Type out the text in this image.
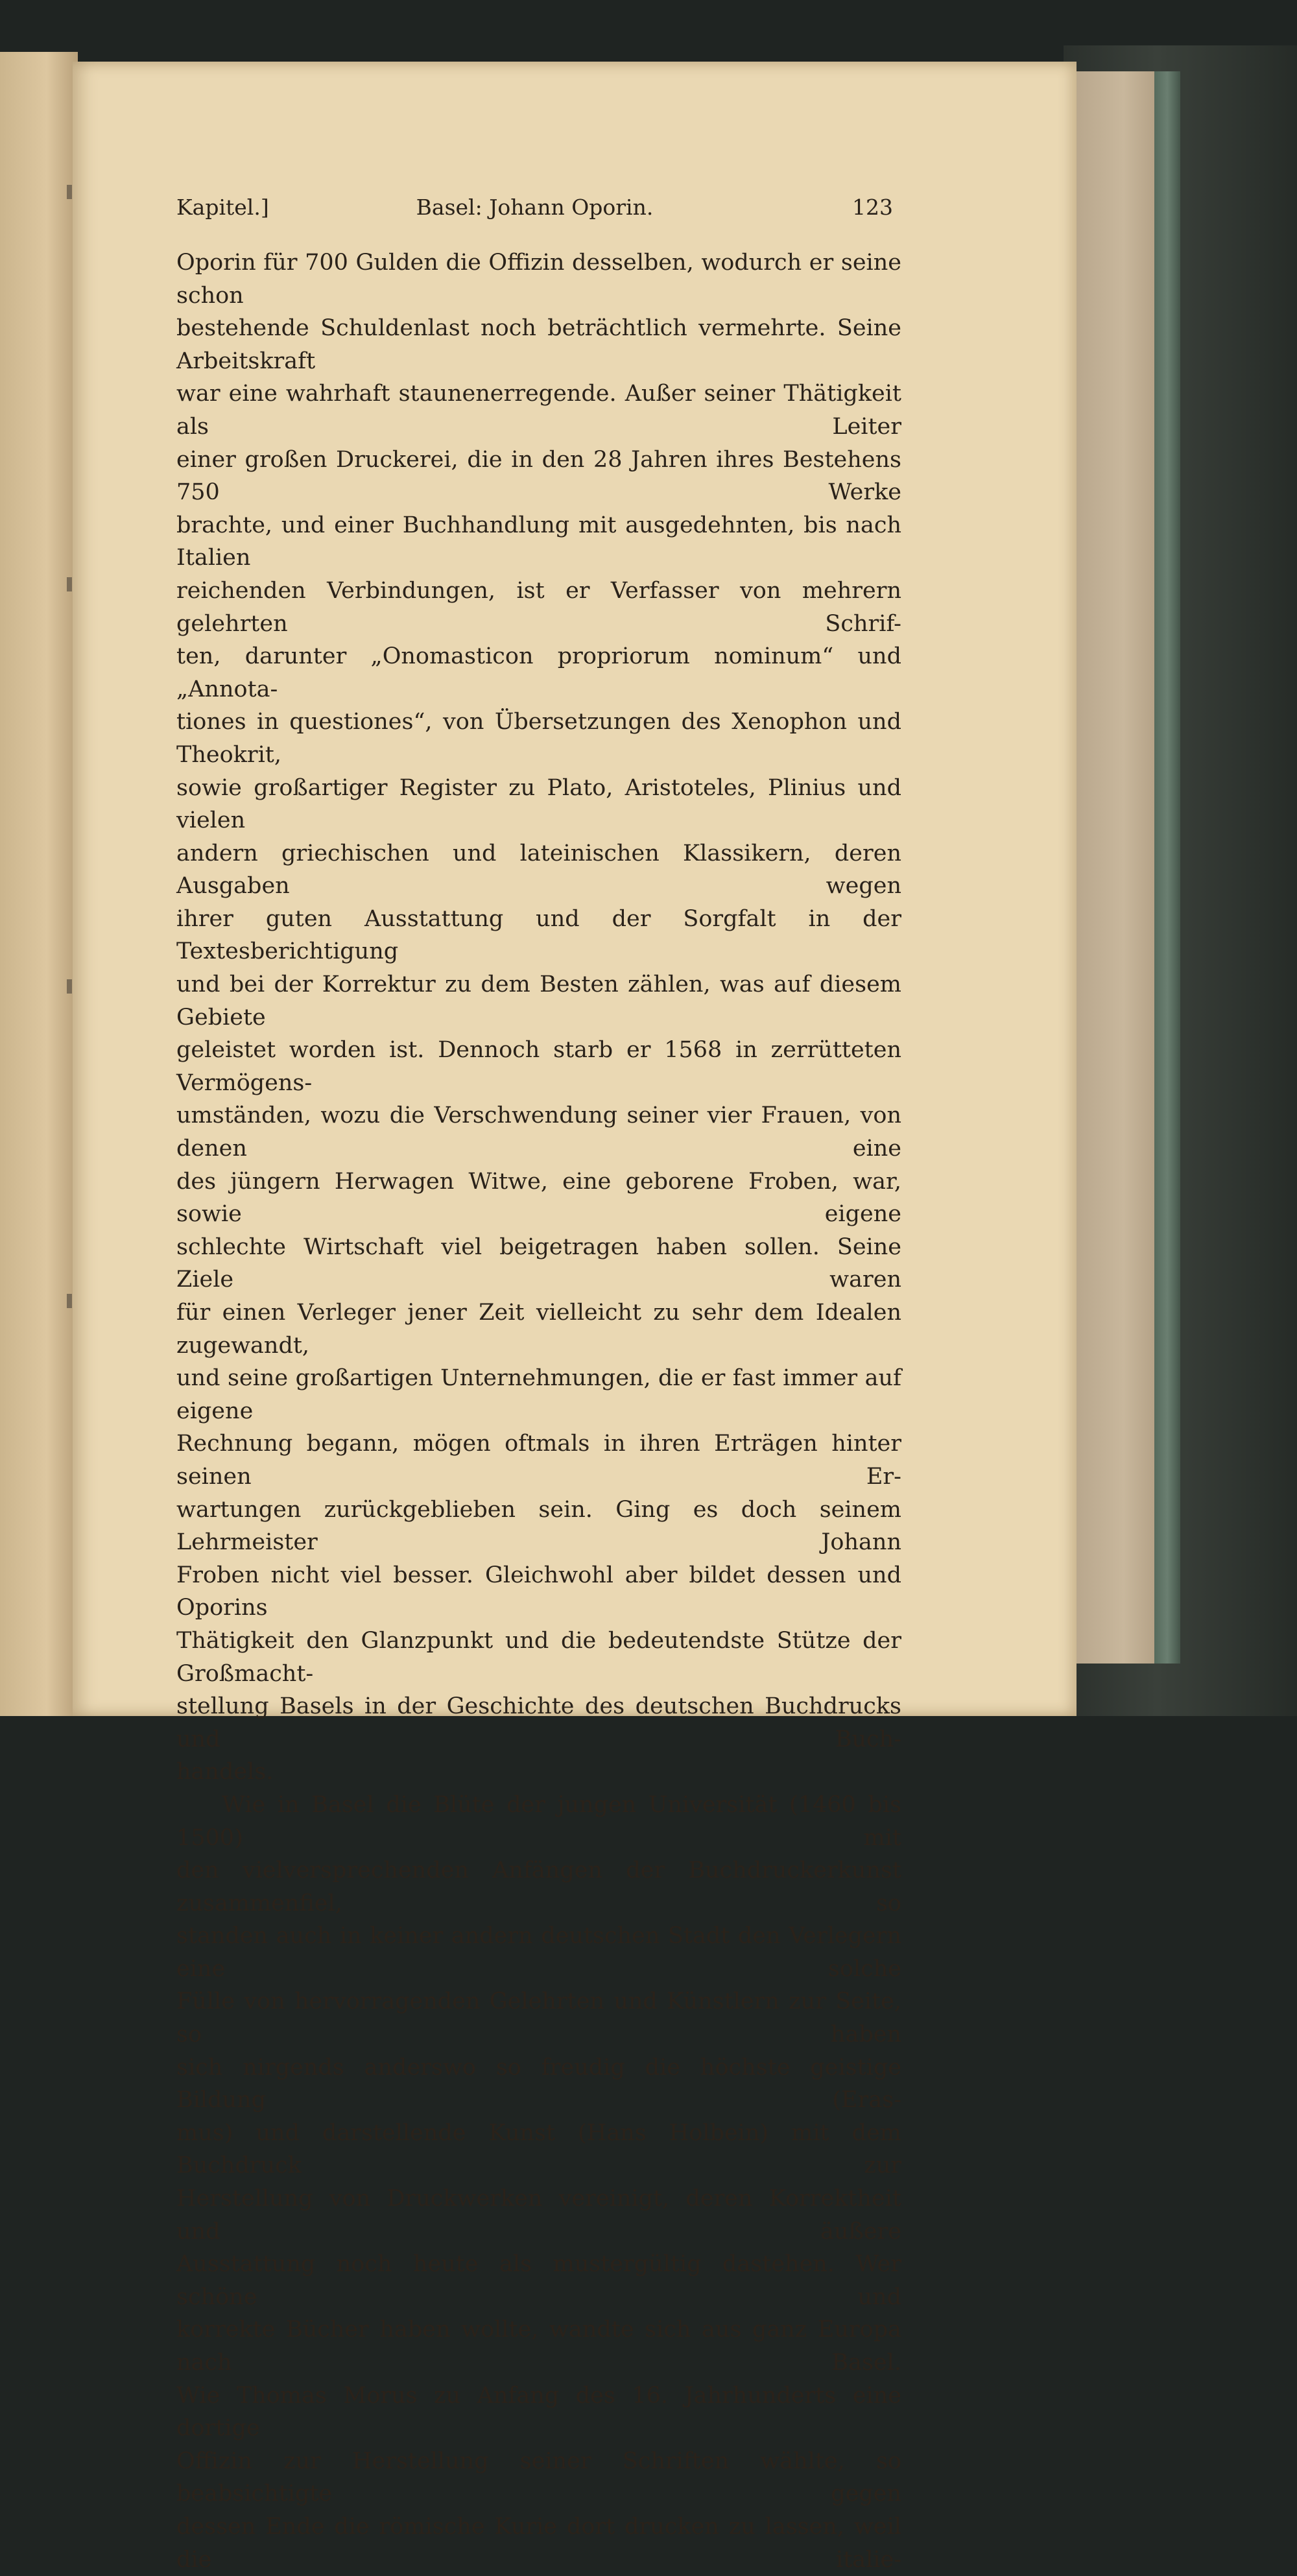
Kapitel.]	Basel: Johann Oporin.	123

Oporin für 700 Gulden die Offizin desselben, wodurch er seine schon

bestehende Schuldenlast noch beträchtlich vermehrte. Seine Arbeitskraft

war eine wahrhaft staunenerregende. Außer seiner Thätigkeit als Leiter

einer großen Druckerei, die in den 28 Jahren ihres Bestehens 750 Werke

brachte, und einer Buchhandlung mit ausgedehnten, bis nach Italien

reichenden Verbindungen, ist er Verfasser von mehrern gelehrten Schrif-

ten, darunter „Onomasticon propriorum nominum“ und „Annota-

tiones in questiones“, von Übersetzungen des Xenophon und Theokrit,

sowie großartiger Register zu Plato, Aristoteles, Plinius und vielen

andern griechischen und lateinischen Klassikern, deren Ausgaben wegen

ihrer guten Ausstattung und der Sorgfalt in der Textesberichtigung

und bei der Korrektur zu dem Besten zählen, was auf diesem Gebiete

geleistet worden ist. Dennoch starb er 1568 in zerrütteten Vermögens-

umständen, wozu die Verschwendung seiner vier Frauen, von denen eine

des jüngern Herwagen Witwe, eine geborene Froben, war, sowie eigene

schlechte Wirtschaft viel beigetragen haben sollen. Seine Ziele waren

für einen Verleger jener Zeit vielleicht zu sehr dem Idealen zugewandt,

und seine großartigen Unternehmungen, die er fast immer auf eigene

Rechnung begann, mögen oftmals in ihren Erträgen hinter seinen Er-

wartungen zurückgeblieben sein. Ging es doch seinem Lehrmeister Johann

Froben nicht viel besser. Gleichwohl aber bildet dessen und Oporins

Thätigkeit den Glanzpunkt und die bedeutendste Stütze der Großmacht-

stellung Basels in der Geschichte des deutschen Buchdrucks und Buch-

handels.

Wie in Basel die Blüte der jungen Universität (1460 bis 1500) mit

den vielversprechenden Anfängen der Buchdruckerkunst zusammenfiel, so

standen auch in keiner andern deutschen Stadt den Verlegern eine solche

Fülle von hervorragenden Gelehrten und Künstlern zur Seite, so haben

sich nirgends anderswo so freudig die höchste geistige Bildung (Eras-

mus) und darstellende Kunst (Hans Holbein) mit dem Buchdruck zur

Herstellung von Druckwerken vereinigt, deren Korrektheit und äußere

Ausstattung noch heute als mustergültig dastehen. Wer schöne und

korrekte Bücher haben wollte, wandte sich aus ganz Europa nach Basel.

Wie Thomas Morus zu Anfang des 16. Jahrhunderts eine dortige

Offizin zur Herstellung seiner Schriften wählte, so beabsichtigte gegen

dessen Ende die römische Kurie dort drucken zu lassen, weil die italie-
